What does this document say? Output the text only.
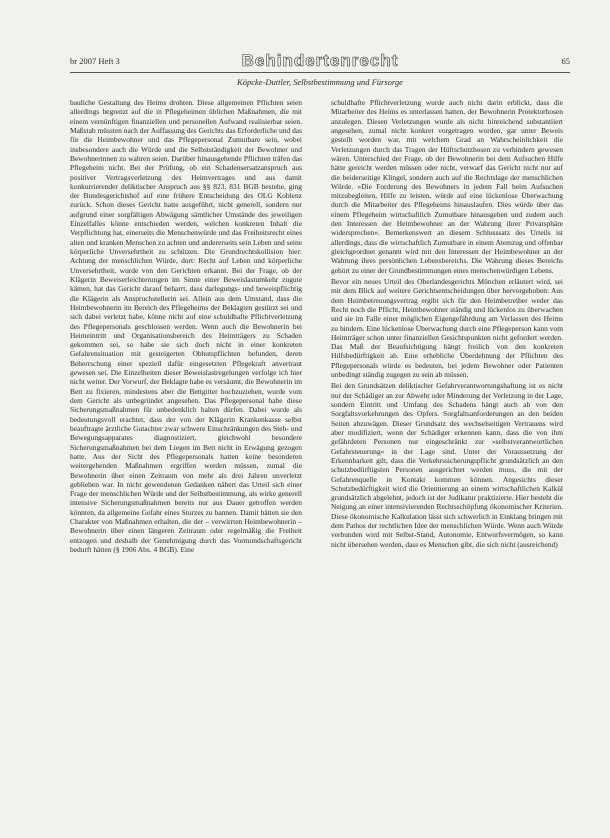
br 2007 Heft 3	Behindertenrecht	65
Köpcke-Duttler, Selbstbestimmung und Fürsorge

bauliche Gestaltung des Heims drohten. Diese allgemeinen Pflichten seien allerdings begrenzt auf die in Pflegeheimen üblichen Maßnahmen, die mit einem vernünftigen finanziellen und personellen Aufwand realisierbar seien. Maßstab müssten nach der Auffassung des Gerichts das Erforderliche und das für die Heimbewohner und das Pflegepersonal Zumutbare sein, wobei insbesondere auch die Würde und die Selbstständigkeit der Bewohner und Bewohnerinnen zu wahren seien. Darüber hinausgehende Pflichten träfen das Pflegeheim nicht. Bei der Prüfung, ob ein Schadensersatzanspruch aus positiver Vertragsverletzung des Heimvertrages und aus damit konkurrierender deliktischer Anspruch aus §§ 823, 831 BGB bestehe, ging der Bundesgerichtshof auf eine frühere Entscheidung des OLG Koblenz zurück. Schon dieses Gericht hatte ausgeführt, nicht generell, sondern nur aufgrund einer sorgfältigen Abwägung sämtlicher Umstände des jeweiligen Einzelfalles könne entschieden werden, welchen konkreten Inhalt die Verpflichtung hat, einerseits die Menschenwürde und das Freiheitsrecht eines alten und kranken Menschen zu achten und andererseits sein Leben und seine körperliche Unversehrtheit zu schützen. Die Grundrechtskollision hier: Achtung der menschlichen Würde, dort: Recht auf Leben und körperliche Unversehrtheit, wurde von den Gerichten erkannt. Bei der Frage, ob der Klägerin Beweiserleichterungen im Sinne einer Beweislastumkehr zugute kämen, hat das Gericht darauf beharrt, dass darlegungs- und beweispflichtig die Klägerin als Anspruchstellerin sei. Allein aus dem Umstand, dass die Heimbewohnerin im Bereich des Pflegeheims der Beklagten gestürzt sei und sich dabei verletzt habe, könne nicht auf eine schuldhafte Pflichtverletzung des Pflegepersonals geschlossen werden. Wenn auch die Bewohnerin bei Heimeintritt und Organisationsbereich des Heimträgers zu Schaden gekommen sei, so habe sie sich doch nicht in einer konkreten Gefahrensituation mit gesteigerten Obhutspflichten befunden, deren Beherrschung einer speziell dafür eingesetzten Pflegekraft anvertraut gewesen sei. Die Einzelheiten dieser Beweislastregelungen verfolge ich hier nicht weiter. Der Vorwurf, der Beklagte habe es versäumt, die Bewohnerin im Bett zu fixieren, mindestens aber die Bettgitter hochzuziehen, wurde vom dem Gericht als unbegründet angesehen. Das Pflegepersonal habe diese Sicherungsmaßnahmen für unbedenklich halten dürfen. Dabei wurde als bedeutungsvoll erachtet, dass der von der Klägerin Krankenkasse selbst beauftragte ärztliche Gutachter zwar schwere Einschränkungen des Steh- und Bewegungsapparates diagnostiziert, gleichwohl besondere Sicherungsmaßnahmen bei dem Liegen im Bett nicht in Erwägung gezogen hatte. Aus der Sicht des Pflegepersonals hatten keine besonderen weitergehenden Maßnahmen ergriffen werden müssen, zumal die Bewohnerin über einen Zeitraum von mehr als drei Jahren unverletzt geblieben war. In nicht gewendenen Gedanken nähert das Urteil sich einer Frage der menschlichen Würde und der Selbstbestimmung, als wirke generell intensive Sicherungsmaßnahmen bereits nur aus Dauer getroffen werden könnten, da allgemeine Gefahr eines Sturzes zu bannen. Damit hätten sie den Charakter von Maßnahmen erhalten, die der – verwirrten Heimbewohnerin – Bewohnerin über einen längeren Zeitraum oder regelmäßig die Freiheit entzogen und deshalb der Genehmigung durch das Vormundschaftsgericht bedurft hätten (§ 1906 Abs. 4 BGB). Eine

schuldhafte Pflichtverletzung wurde auch nicht darin erblickt, dass die Mitarbeiter des Heims es unterlassen hatten, der Bewohnerin Protektorhosen anzulegen. Diesen Verletzungen wurde als nicht hinreichend substantiiert angesehen, zumal nicht konkret vorgetragen worden, gar unter Beweis gestellt worden war, mit welchem Grad an Wahrscheinlichkeit die Verletzungen durch das Tragen der Hüftschutzhosen zu verhindern gewesen wären. Unterschied der Frage, ob der Bewohnerin bei dem Aufsuchen Hilfe hätte gereicht werden müssen oder nicht, verwarf das Gericht nicht nur auf die beiderseitige Klingel, sondern auch auf die Rechtslage der menschlichen Würde. »Die Forderung des Bewohners in jedem Fall beim Aufsuchen mitzubegleiten, Hilfe zu leisten, würde auf eine lückenlose Überwachung durch die Mitarbeiter des Pflegeheims hinauslaufen. Dies würde über das einem Pflegeheim wirtschaftlich Zumutbare hinausgehen und zudem auch den Interessen der Heimbewohner an der Wahrung ihrer Privatsphäre widersprechen«. Bemerkenswert an diesem Schlusssatz des Urteils ist allerdings, dass die wirtschaftlich Zumutbare in einem Atemzug und offenbar gleichgeordnet genannt wird mit den Interessen der Heimbewohner an der Wahrung ihres persönlichen Lebensbereichs. Die Wahrung dieses Bereichs gehört zu einer der Grundbestimmungen eines menschenwürdigen Lebens.

Bevor ein neues Urteil des Oberlandesgerichts München erläutert wird, sei mit dem Blick auf weitere Gerichtsentscheidungen über hervorgehoben: Aus dem Heimbetreuungsvertrag ergibt sich für den Heimbetreiber weder das Recht noch die Pflicht, Heimbewohner ständig und lückenlos zu überwachen und sie im Falle einer möglichen Eigengefährdung am Verlassen des Heims zu hindern. Eine lückenlose Überwachung durch eine Pflegeperson kann vom Heimträger schon unter finanziellen Gesichtspunkten nicht gefordert werden. Das Maß der Beaufsichtigung hängt freilich von den konkreten Hilfsbedürftigkeit ab. Eine erhebliche Überdehnung der Pflichten des Pflegepersonals würde es bedeuten, bei jedem Bewohner oder Patienten unbedingt ständig zugegen zu sein ab müssen.

Bei den Grundsätzen deliktischer Gefahrverantwortungshaftung ist es nicht nur der Schädiger an zur Abwehr oder Minderung der Verletzung in der Lage, sondern Eintritt und Umfang des Schadens hängt auch ab von den Sorgfaltsvorkehrungen des Opfers. Sorgfaltsanforderungen an den beiden Seiten abzuwägen. Dieser Grundsatz des wechselseitigen Vertrauens wird aber modifiziert, wenn der Schädiger erkennen kann, dass die von ihm gefährdeten Personen nur eingeschränkt zur »selbstverantwortlichen Gefahrsteuerung« in der Lage sind. Unter der Voraussetzung der Erkennbarkeit gilt, dass die Verkehrssicherungspflicht grundsätzlich an den schutzbedürftigsten Personen ausgerichtet werden muss, die mit der Gefahrenquelle in Kontakt kommen können. Angesichts dieser Schutzbedürftigkeit wird die Orientierung an einem wirtschaftlichen Kalkül grundsätzlich abgelehnt, jedoch ist der Judikatur praktizierte. Hier besteht die Neigung an einer intensivierenden Rechtsschöpfung ökonomischer Kriterien. Diese ökonomische Kalkulation lässt sich schwerlich in Einklang bringen mit dem Pathos der rechtlichen Idee der menschlichen Würde. Wenn auch Würde verbunden wird mit Selbst-Stand, Autonomie, Entwurfsvermögen, so kann nicht übersehen werden, dass es Menschen gibt, die sich nicht (ausreichend)
